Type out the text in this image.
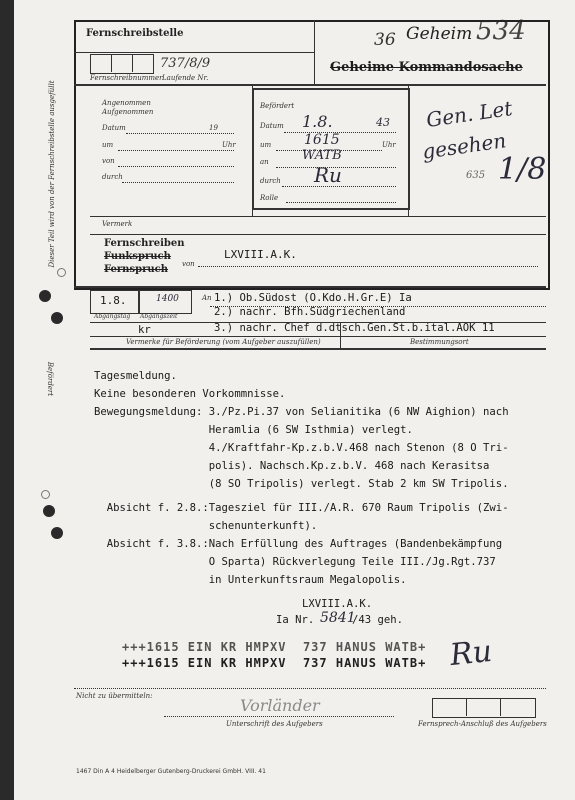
Dieser Teil wird von der Fernschreibstelle ausgefüllt
Befördert
36 Geheim 534
Geheime Kommandosache
Fernschreibstelle
737/8/9
Fernschreibnummer Laufende Nr.
Angenommen
Aufgenommen
Datum	19
um	Uhr
von
durch
Befördert
Datum 1.8.	43
um 1615	Uhr
an	WATB
durch Ru
Rolle
Gen. Let
gesehen
635 1/8
Vermerk
Fernschreiben
Funkspruch
Fernspruch von
LXVIII.A.K.
1.8.	1400
Abgangstag Abgangszeit
An 1.) Ob.Südost (O.Kdo.H.Gr.E) Ia
2.) nachr. Bfh.Südgriechenland
kr	3.) nachr. Chef d.dtsch.Gen.St.b.ital.AOK 11
Vermerke für Beförderung (vom Aufgeber auszufüllen)	Bestimmungsort
Tagesmeldung.
Keine besonderen Vorkommnisse.
Bewegungsmeldung: 3./Pz.Pi.37 von Selianitika (6 NW Aighion) nach
Heramlia (6 SW Isthmia) verlegt.
4./Kraftfahr-Kp.z.b.V.468 nach Stenon (8 O Tri-
polis). Nachsch.Kp.z.b.V. 468 nach Kerasitsa
(8 SO Tripolis) verlegt. Stab 2 km SW Tripolis.
Absicht f. 2.8.:Tagesziel für III./A.R. 670 Raum Tripolis (Zwi-
schenunterkunft).
Absicht f. 3.8.:Nach Erfüllung des Auftrages (Bandenbekämpfung
O Sparta) Rückverlegung Teile III./Jg.Rgt.737
in Unterkunftsraum Megalopolis.
LXVIII.A.K.
Ia Nr. 5841
/43 geh.
+++1615 EIN KR HMPXV  737 HANUS WATB+
+++1615 EIN KR HMPXV  737 HANUS WATB+ Ru
Nicht zu übermitteln:	Vorländer
Unterschrift des Aufgebers	Fernsprech-Anschluß des Aufgebers
1467 Din A 4 Heidelberger Gutenberg-Druckerei GmbH. VIII. 41
